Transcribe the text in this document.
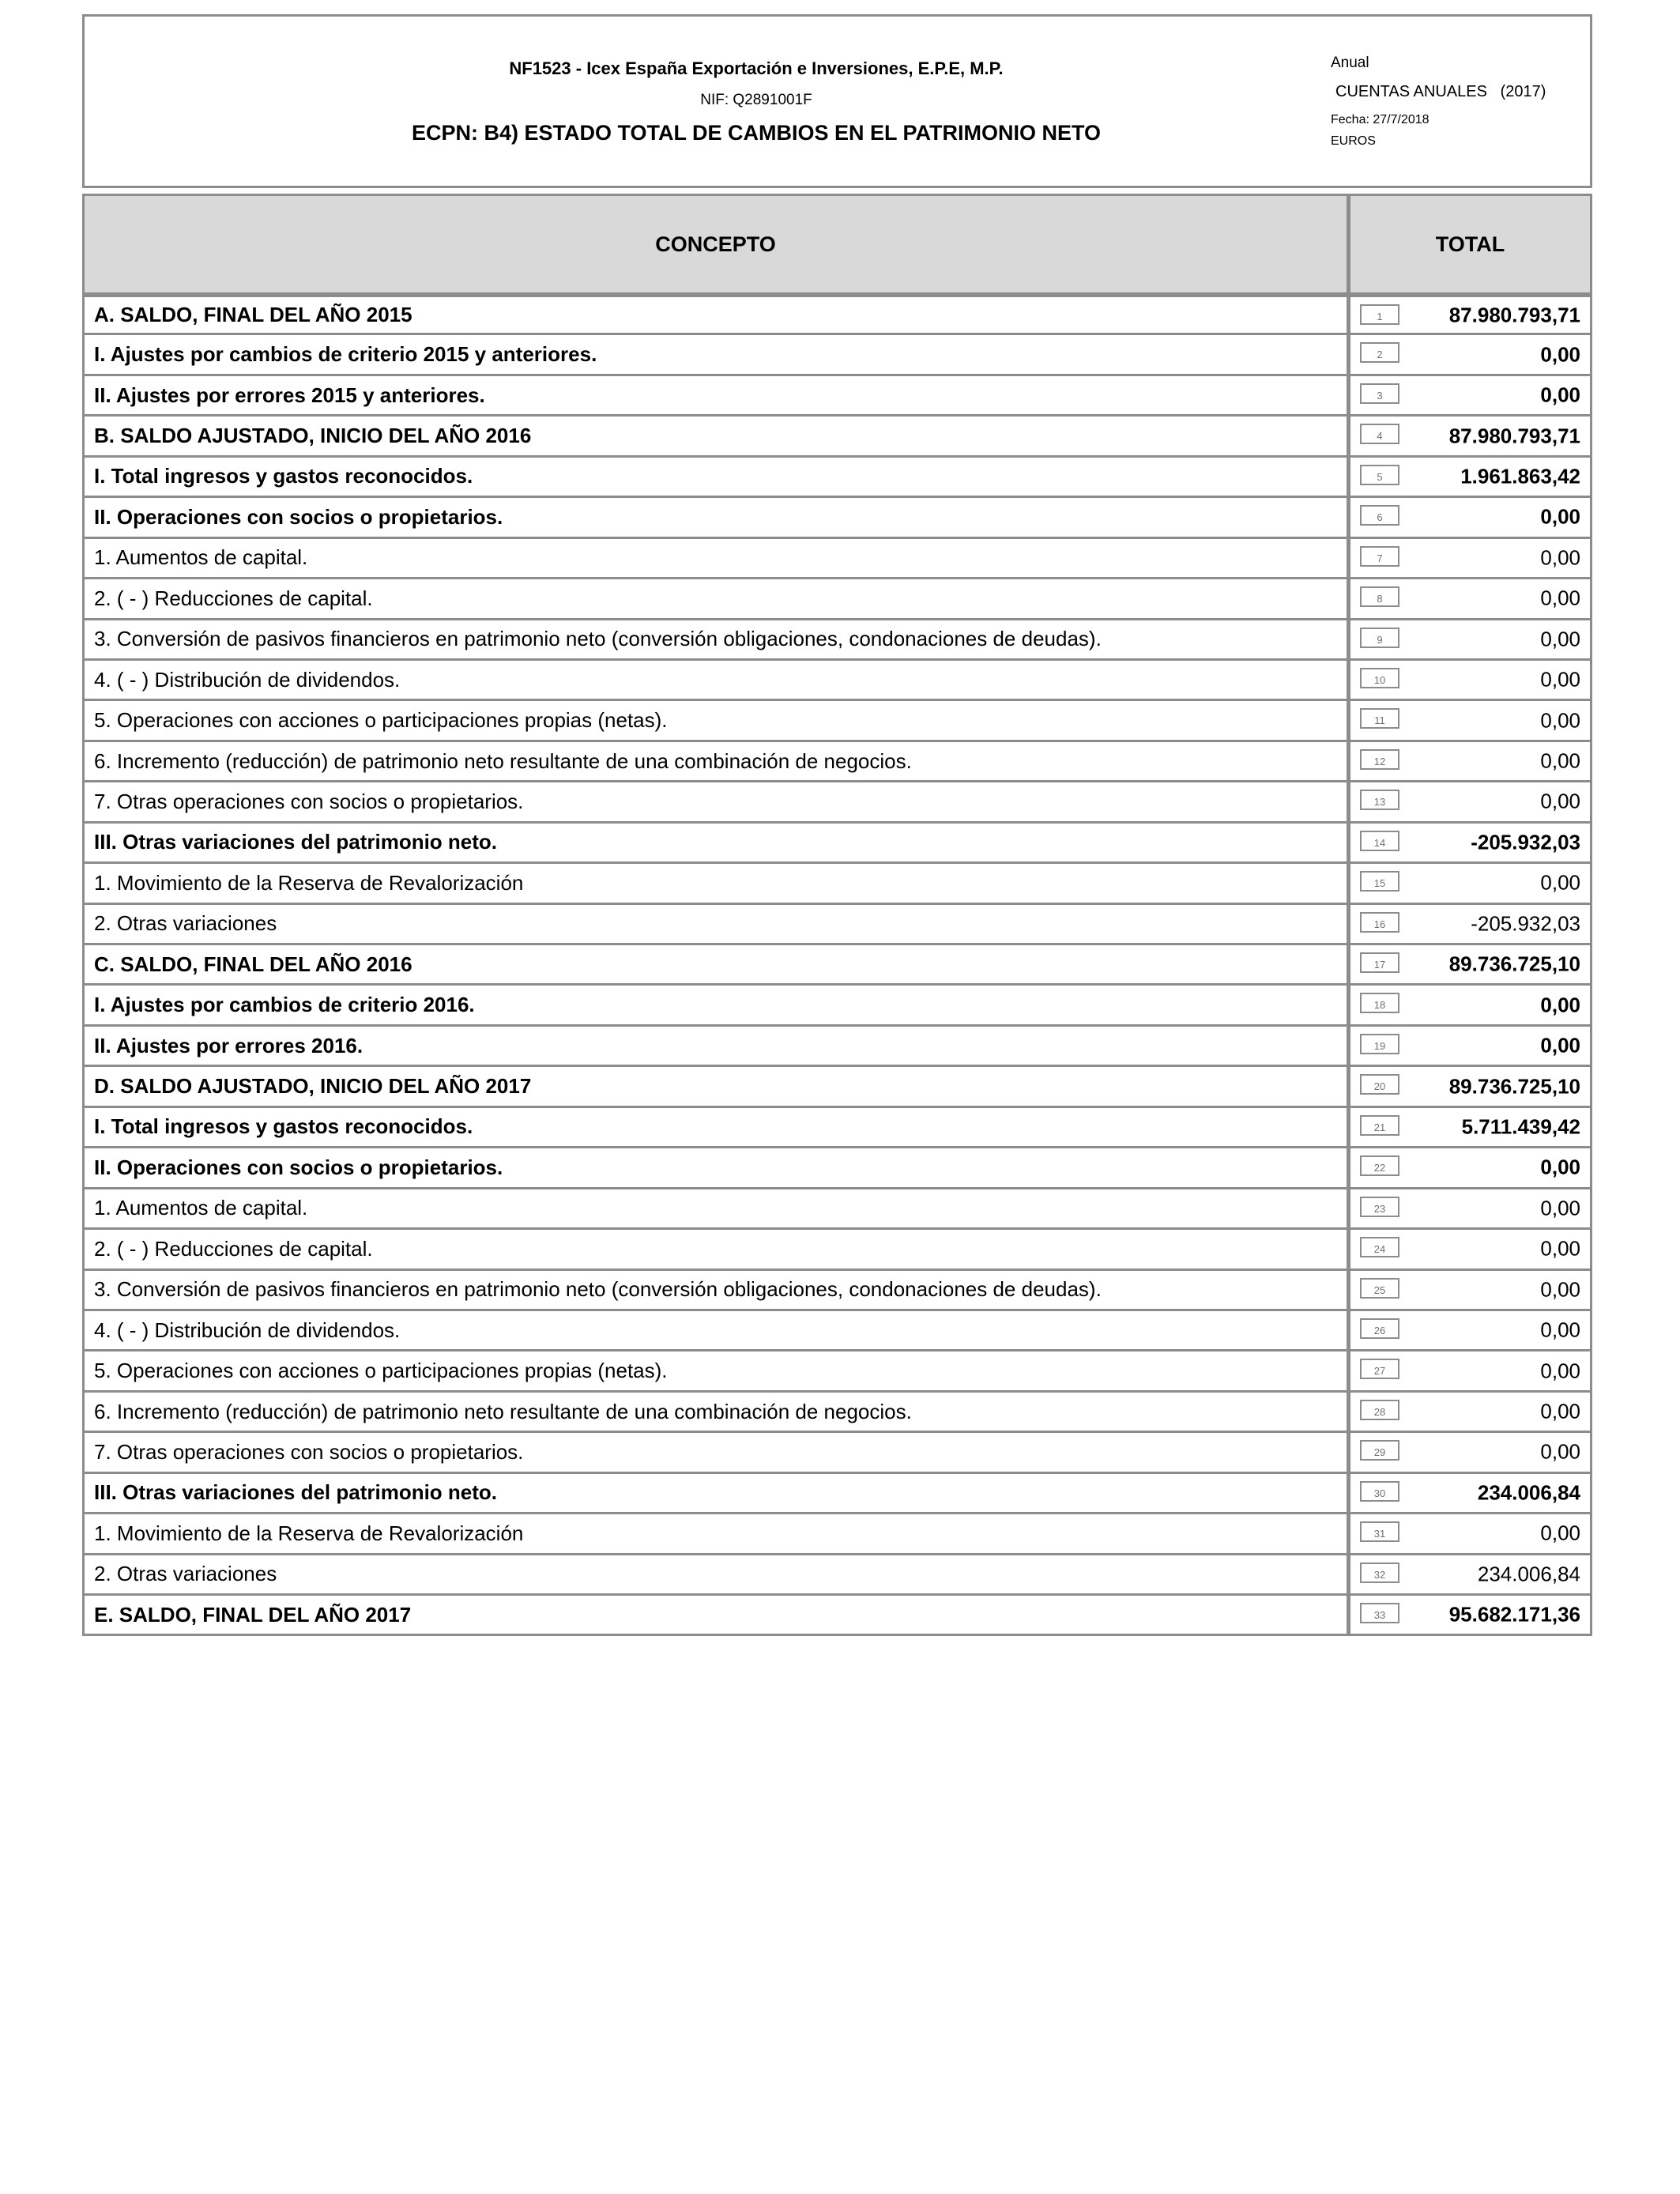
NF1523 - Icex España Exportación e Inversiones, E.P.E, M.P.
NIF: Q2891001F
ECPN: B4) ESTADO TOTAL DE CAMBIOS EN EL PATRIMONIO NETO
Anual
CUENTAS ANUALES   (2017)
Fecha: 27/7/2018
EUROS
CONCEPTO	TOTAL
A. SALDO, FINAL DEL AÑO 2015	1	87.980.793,71
I. Ajustes por cambios de criterio 2015 y anteriores.	2	0,00
II. Ajustes por errores 2015 y anteriores.	3	0,00
B. SALDO AJUSTADO, INICIO DEL AÑO 2016	4	87.980.793,71
I. Total ingresos y gastos reconocidos.	5	1.961.863,42
II. Operaciones con socios o propietarios.	6	0,00
1. Aumentos de capital.	7	0,00
2. ( - ) Reducciones de capital.	8	0,00
3. Conversión de pasivos financieros en patrimonio neto (conversión obligaciones, condonaciones de deudas).	9	0,00
4. ( - ) Distribución de dividendos.	10	0,00
5. Operaciones con acciones o participaciones propias (netas).	11	0,00
6. Incremento (reducción) de patrimonio neto resultante de una combinación de negocios.	12	0,00
7. Otras operaciones con socios o propietarios.	13	0,00
III. Otras variaciones del patrimonio neto.	14	-205.932,03
1. Movimiento de la Reserva de Revalorización	15	0,00
2. Otras variaciones	16	-205.932,03
C. SALDO, FINAL DEL AÑO 2016	17	89.736.725,10
I. Ajustes por cambios de criterio 2016.	18	0,00
II. Ajustes por errores 2016.	19	0,00
D. SALDO AJUSTADO, INICIO DEL AÑO 2017	20	89.736.725,10
I. Total ingresos y gastos reconocidos.	21	5.711.439,42
II. Operaciones con socios o propietarios.	22	0,00
1. Aumentos de capital.	23	0,00
2. ( - ) Reducciones de capital.	24	0,00
3. Conversión de pasivos financieros en patrimonio neto (conversión obligaciones, condonaciones de deudas).	25	0,00
4. ( - ) Distribución de dividendos.	26	0,00
5. Operaciones con acciones o participaciones propias (netas).	27	0,00
6. Incremento (reducción) de patrimonio neto resultante de una combinación de negocios.	28	0,00
7. Otras operaciones con socios o propietarios.	29	0,00
III. Otras variaciones del patrimonio neto.	30	234.006,84
1. Movimiento de la Reserva de Revalorización	31	0,00
2. Otras variaciones	32	234.006,84
E. SALDO, FINAL DEL AÑO 2017	33	95.682.171,36
